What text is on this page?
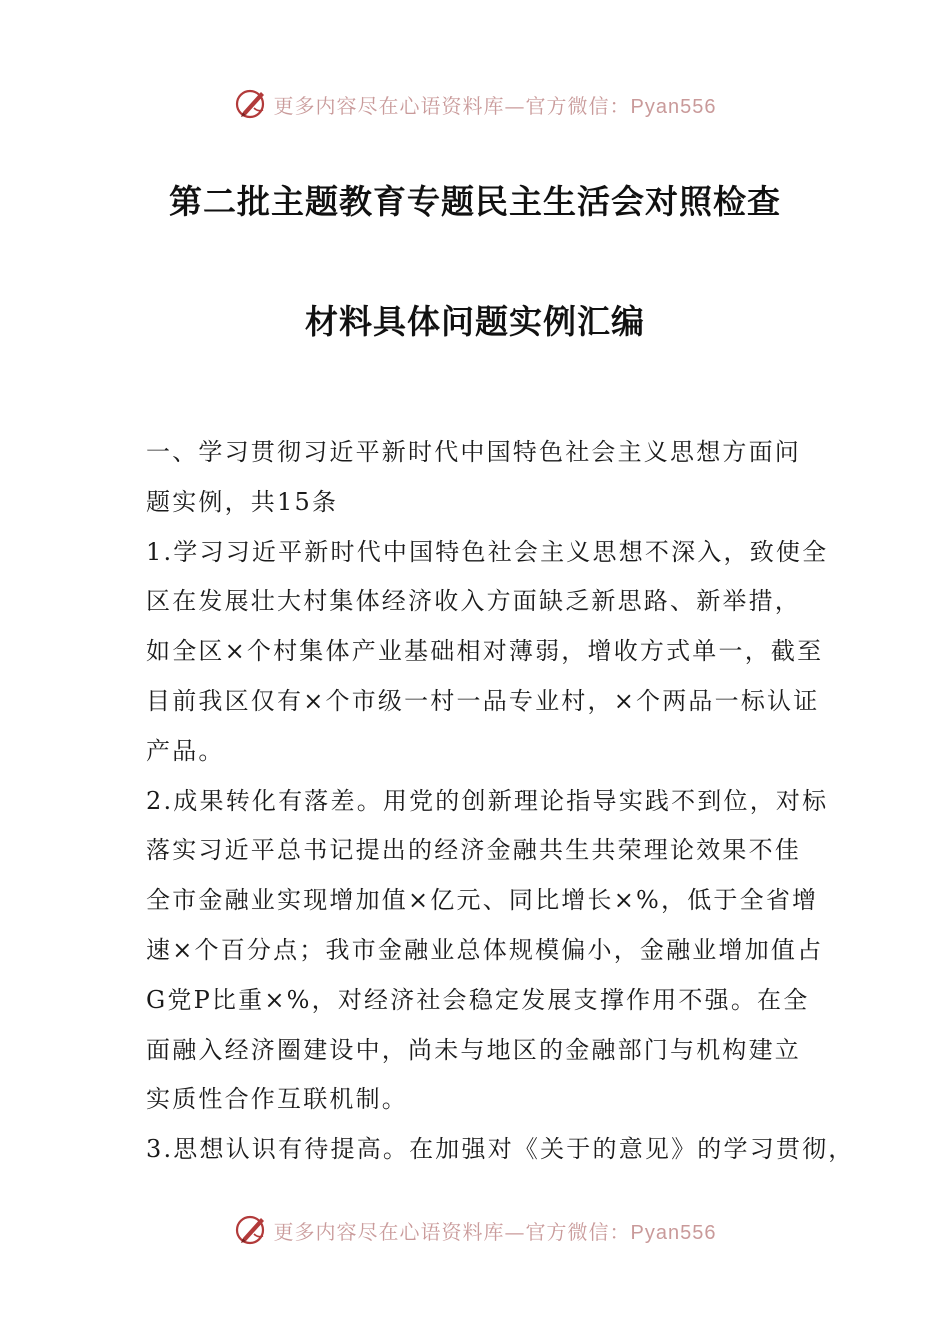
更多内容尽在心语资料库—官方微信：Pyan556
第二批主题教育专题民主生活会对照检查
材料具体问题实例汇编
一、学习贯彻习近平新时代中国特色社会主义思想方面问
题实例，共15条
1.学习习近平新时代中国特色社会主义思想不深入，致使全
区在发展壮大村集体经济收入方面缺乏新思路、新举措，
如全区×个村集体产业基础相对薄弱，增收方式单一，截至
目前我区仅有×个市级一村一品专业村，×个两品一标认证
产品。
2.成果转化有落差。用党的创新理论指导实践不到位，对标
落实习近平总书记提出的经济金融共生共荣理论效果不佳
全市金融业实现增加值×亿元、同比增长×%，低于全省增
速×个百分点；我市金融业总体规模偏小，金融业增加值占
G党P比重×%，对经济社会稳定发展支撑作用不强。在全
面融入经济圈建设中，尚未与地区的金融部门与机构建立
实质性合作互联机制。
3.思想认识有待提高。在加强对《关于的意见》的学习贯彻，
更多内容尽在心语资料库—官方微信：Pyan556
